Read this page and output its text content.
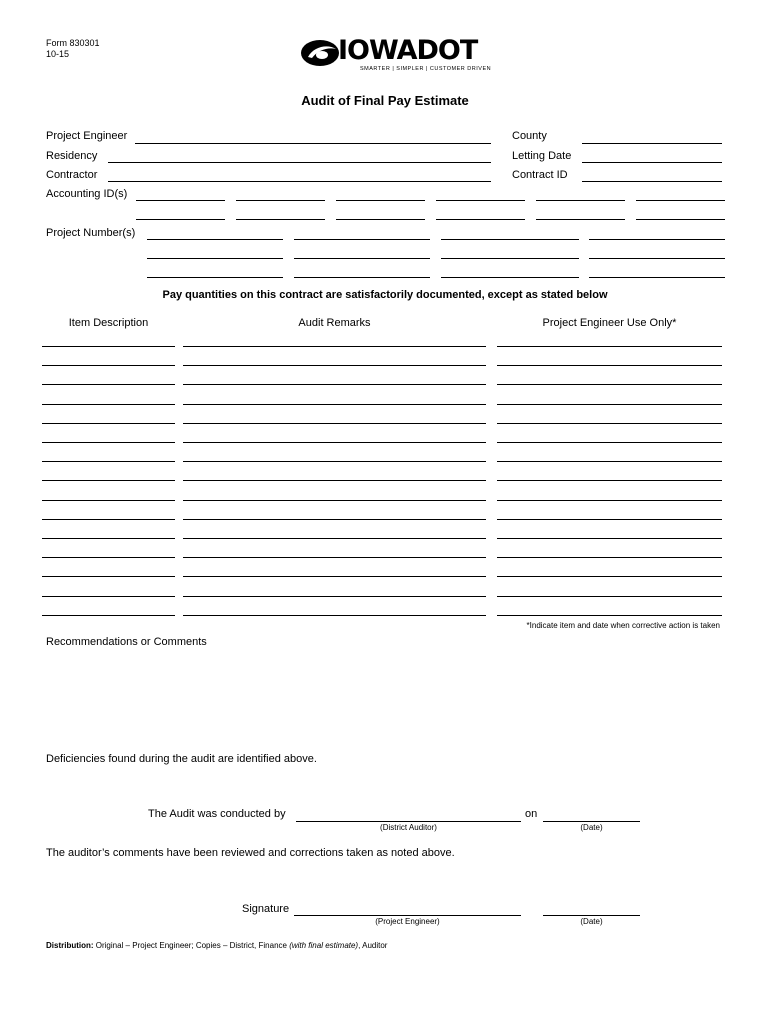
Form 830301
10-15	IOWADOT
SMARTER | SIMPLER | CUSTOMER DRIVEN
Audit of Final Pay Estimate
Project Engineer
Residency
Contractor
County
Letting Date
Contract ID
Accounting ID(s)
Project Number(s)
Pay quantities on this contract are satisfactorily documented, except as stated below
Item Description	Audit Remarks	Project Engineer Use Only*
*Indicate item and date when corrective action is taken
Recommendations or Comments
Deficiencies found during the audit are identified above.
The Audit was conducted by
(District Auditor)
on
(Date)
The auditor’s comments have been reviewed and corrections taken as noted above.
Signature
(Project Engineer)	(Date)
Distribution: Original – Project Engineer; Copies – District, Finance (with final estimate), Auditor
